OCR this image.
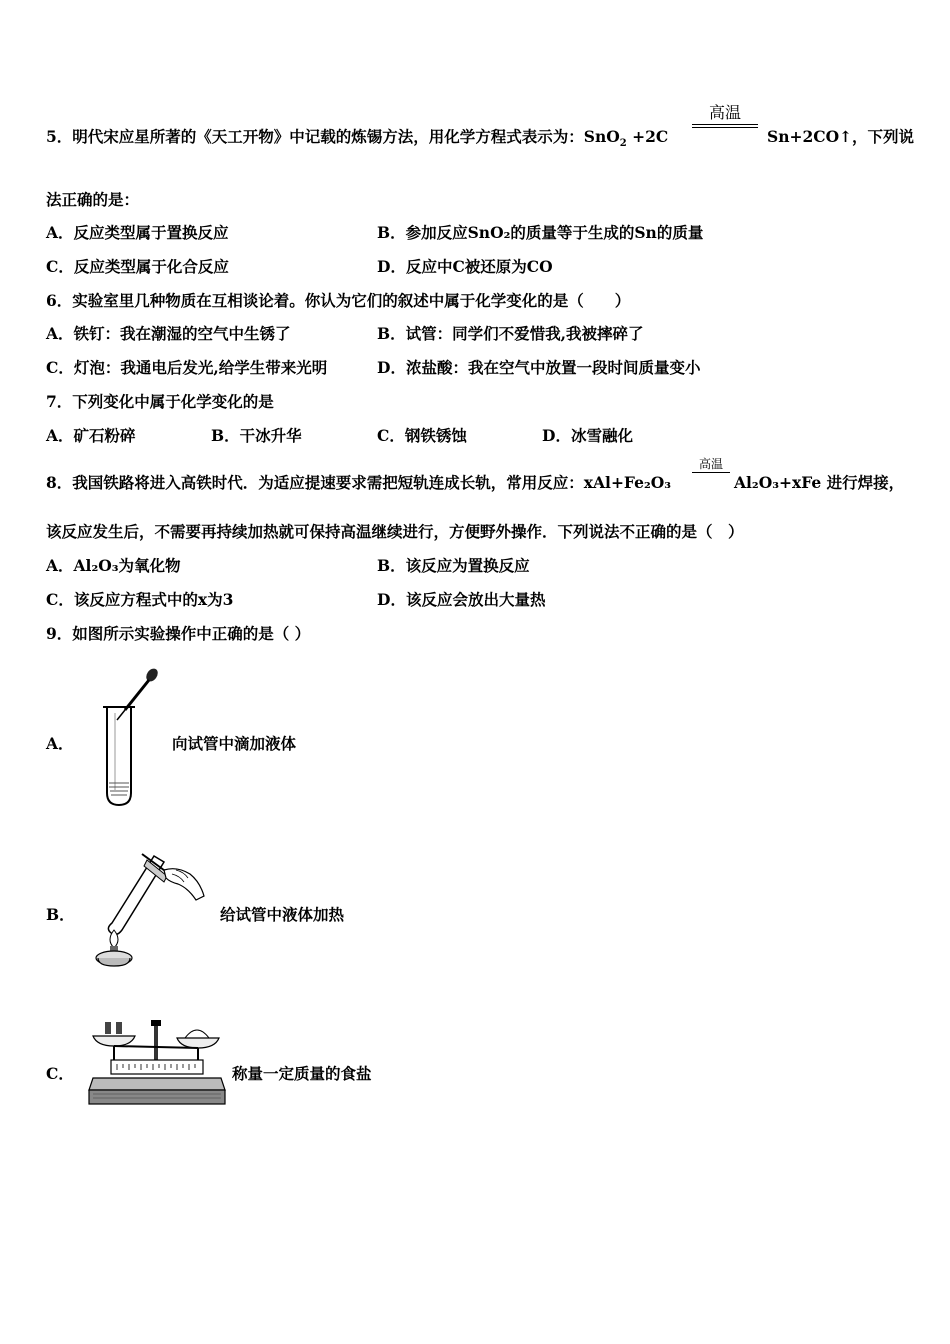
5．明代宋应星所著的《天工开物》中记载的炼锡方法，用化学方程式表示为：SnO$_2$ +2C
高温
Sn+2CO↑，下列说
法正确的是：
A．反应类型属于置换反应	B．参加反应SnO₂的质量等于生成的Sn的质量
C．反应类型属于化合反应	D．反应中C被还原为CO
6．实验室里几种物质在互相谈论着。你认为它们的叙述中属于化学变化的是（　　）
A．铁钉：我在潮湿的空气中生锈了	B．试管：同学们不爱惜我,我被摔碎了
C．灯泡：我通电后发光,给学生带来光明	D．浓盐酸：我在空气中放置一段时间质量变小
7．下列变化中属于化学变化的是
A．矿石粉碎	B．干冰升华	C．钢铁锈蚀	D．冰雪融化
8．我国铁路将进入高铁时代．为适应提速要求需把短轨连成长轨，常用反应：xAl+Fe₂O₃
高温
Al₂O₃+xFe 进行焊接，
该反应发生后，不需要再持续加热就可保持高温继续进行，方便野外操作．下列说法不正确的是（　）
A．Al₂O₃为氧化物	B．该反应为置换反应
C．该反应方程式中的x为3	D．该反应会放出大量热
9．如图所示实验操作中正确的是（ ）
A．	向试管中滴加液体
B．	给试管中液体加热
C．	称量一定质量的食盐
